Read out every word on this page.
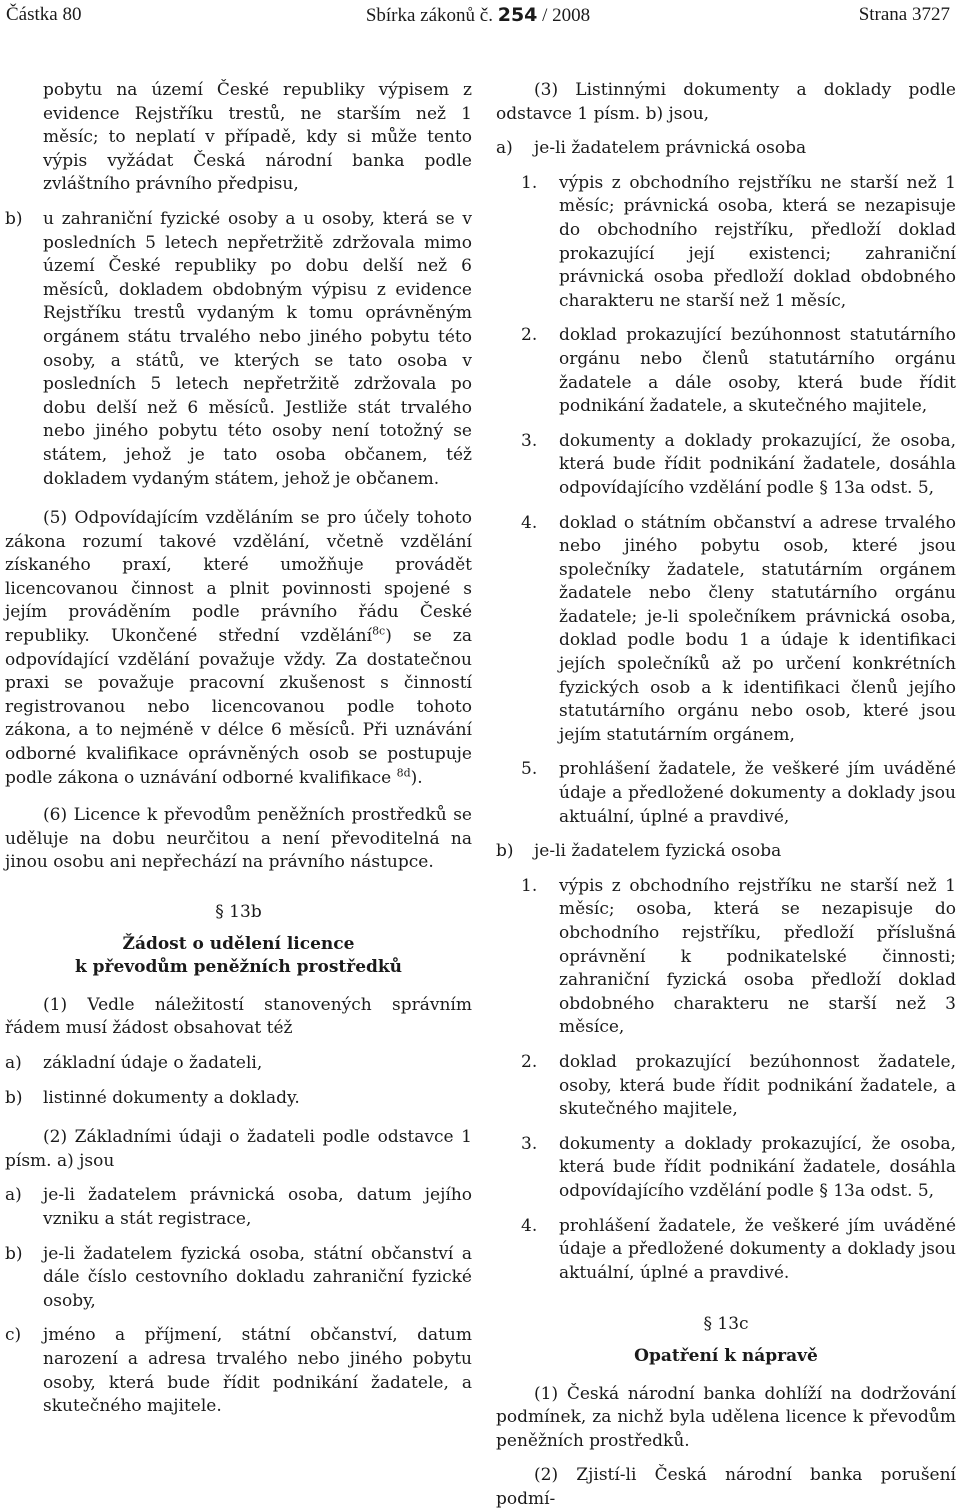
Částka 80	Sbírka zákonů č. 254 / 2008	Strana 3727

pobytu na území České republiky výpisem z evidence Rejstříku trestů, ne starším než 1 měsíc; to neplatí v případě, kdy si může tento výpis vyžádat Česká národní banka podle zvláštního právního předpisu,

b) u zahraniční fyzické osoby a u osoby, která se v posledních 5 letech nepřetržitě zdržovala mimo území České republiky po dobu delší než 6 měsíců, dokladem obdobným výpisu z evidence Rejstříku trestů vydaným k tomu oprávněným orgánem státu trvalého nebo jiného pobytu této osoby, a států, ve kterých se tato osoba v posledních 5 letech nepřetržitě zdržovala po dobu delší než 6 měsíců. Jestliže stát trvalého nebo jiného pobytu této osoby není totožný se státem, jehož je tato osoba občanem, též dokladem vydaným státem, jehož je občanem.

(5) Odpovídajícím vzděláním se pro účely tohoto zákona rozumí takové vzdělání, včetně vzdělání získaného praxí, které umožňuje provádět licencovanou činnost a plnit povinnosti spojené s jejím prováděním podle právního řádu České republiky. Ukončené střední vzdělání$^{8c}$) se za odpovídající vzdělání považuje vždy. Za dostatečnou praxi se považuje pracovní zkušenost s činností registrovanou nebo licencovanou podle tohoto zákona, a to nejméně v délce 6 měsíců. Při uznávání odborné kvalifikace oprávněných osob se postupuje podle zákona o uznávání odborné kvalifikace $^{8d}$).

(6) Licence k převodům peněžních prostředků se uděluje na dobu neurčitou a není převoditelná na jinou osobu ani nepřechází na právního nástupce.

§ 13b

Žádost o udělení licence

k převodům peněžních prostředků

(1) Vedle náležitostí stanovených správním řádem musí žádost obsahovat též

a) základní údaje o žadateli,

b) listinné dokumenty a doklady.

(2) Základními údaji o žadateli podle odstavce 1 písm. a) jsou

a) je-li žadatelem právnická osoba, datum jejího vzniku a stát registrace,

b) je-li žadatelem fyzická osoba, státní občanství a dále číslo cestovního dokladu zahraniční fyzické osoby,

c) jméno a příjmení, státní občanství, datum narození a adresa trvalého nebo jiného pobytu osoby, která bude řídit podnikání žadatele, a skutečného majitele.

(3) Listinnými dokumenty a doklady podle odstavce 1 písm. b) jsou,

a) je-li žadatelem právnická osoba

1. výpis z obchodního rejstříku ne starší než 1 měsíc; právnická osoba, která se nezapisuje do obchodního rejstříku, předloží doklad prokazující její existenci; zahraniční právnická osoba předloží doklad obdobného charakteru ne starší než 1 měsíc,

2. doklad prokazující bezúhonnost statutárního orgánu nebo členů statutárního orgánu žadatele a dále osoby, která bude řídit podnikání žadatele, a skutečného majitele,

3. dokumenty a doklady prokazující, že osoba, která bude řídit podnikání žadatele, dosáhla odpovídajícího vzdělání podle § 13a odst. 5,

4. doklad o státním občanství a adrese trvalého nebo jiného pobytu osob, které jsou společníky žadatele, statutárním orgánem žadatele nebo členy statutárního orgánu žadatele; je-li společníkem právnická osoba, doklad podle bodu 1 a údaje k identifikaci jejích společníků až po určení konkrétních fyzických osob a k identifikaci členů jejího statutárního orgánu nebo osob, které jsou jejím statutárním orgánem,

5. prohlášení žadatele, že veškeré jím uváděné údaje a předložené dokumenty a doklady jsou aktuální, úplné a pravdivé,

b) je-li žadatelem fyzická osoba

1. výpis z obchodního rejstříku ne starší než 1 měsíc; osoba, která se nezapisuje do obchodního rejstříku, předloží příslušná oprávnění k podnikatelské činnosti; zahraniční fyzická osoba předloží doklad obdobného charakteru ne starší než 3 měsíce,

2. doklad prokazující bezúhonnost žadatele, osoby, která bude řídit podnikání žadatele, a skutečného majitele,

3. dokumenty a doklady prokazující, že osoba, která bude řídit podnikání žadatele, dosáhla odpovídajícího vzdělání podle § 13a odst. 5,

4. prohlášení žadatele, že veškeré jím uváděné údaje a předložené dokumenty a doklady jsou aktuální, úplné a pravdivé.

§ 13c

Opatření k nápravě

(1) Česká národní banka dohlíží na dodržování podmínek, za nichž byla udělena licence k převodům peněžních prostředků.

(2) Zjistí-li Česká národní banka porušení podmí-
